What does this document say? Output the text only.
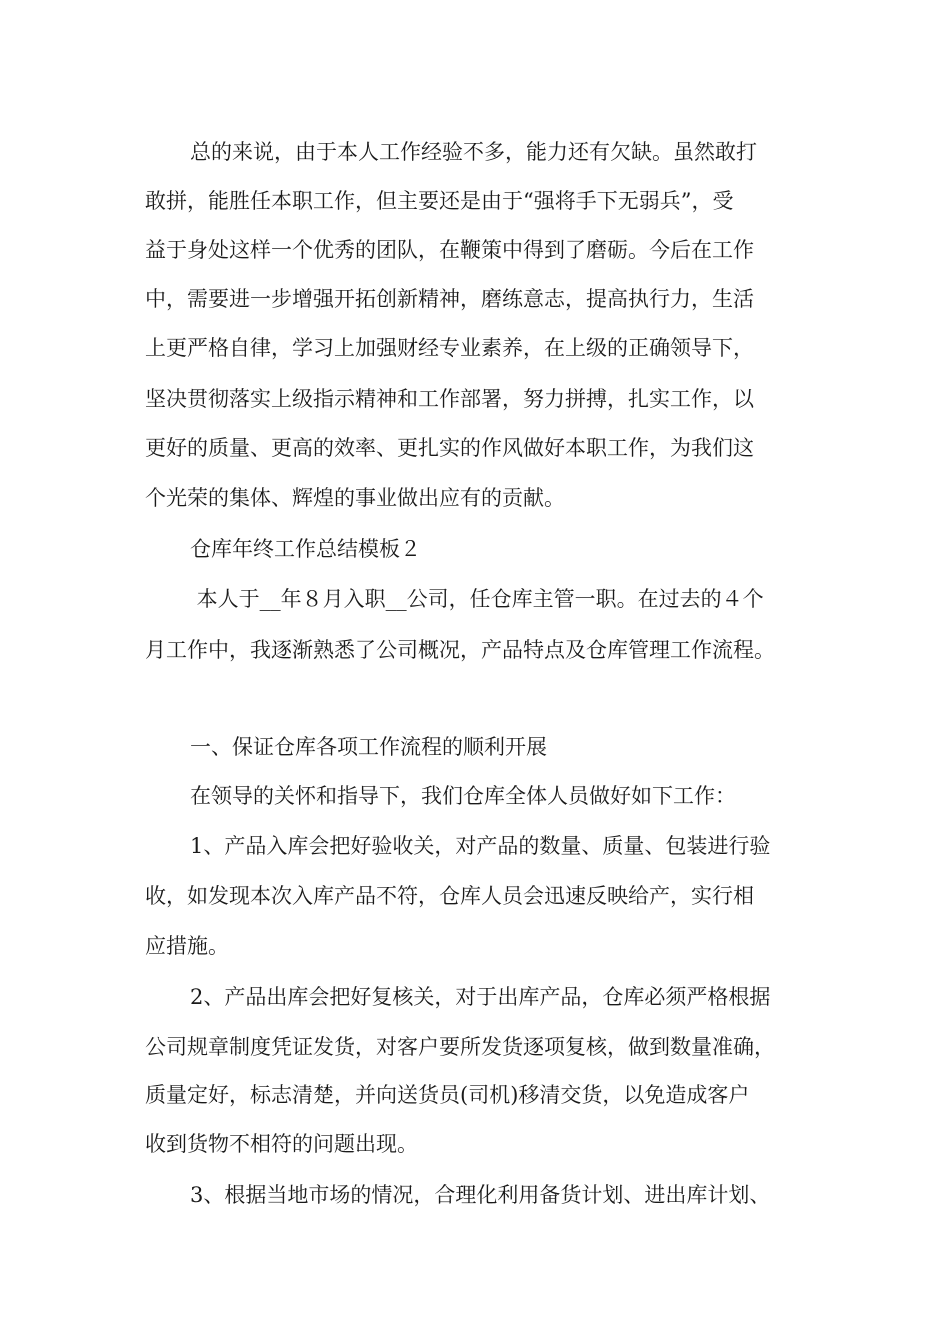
总的来说，由于本人工作经验不多，能力还有欠缺。虽然敢打
敢拼，能胜任本职工作，但主要还是由于“强将手下无弱兵”，受
益于身处这样一个优秀的团队，在鞭策中得到了磨砺。今后在工作
中，需要进一步增强开拓创新精神，磨练意志，提高执行力，生活
上更严格自律，学习上加强财经专业素养，在上级的正确领导下，
坚决贯彻落实上级指示精神和工作部署，努力拼搏，扎实工作，以
更好的质量、更高的效率、更扎实的作风做好本职工作，为我们这
个光荣的集体、辉煌的事业做出应有的贡献。
仓库年终工作总结模板２
本人于__年８月入职__公司，任仓库主管一职。在过去的４个
月工作中，我逐渐熟悉了公司概况，产品特点及仓库管理工作流程。
一、保证仓库各项工作流程的顺利开展
在领导的关怀和指导下，我们仓库全体人员做好如下工作：
1、产品入库会把好验收关，对产品的数量、质量、包装进行验
收，如发现本次入库产品不符，仓库人员会迅速反映给产，实行相
应措施。
2、产品出库会把好复核关，对于出库产品，仓库必须严格根据
公司规章制度凭证发货，对客户要所发货逐项复核，做到数量准确，
质量定好，标志清楚，并向送货员(司机)移清交货，以免造成客户
收到货物不相符的问题出现。
3、根据当地市场的情况，合理化利用备货计划、进出库计划、
